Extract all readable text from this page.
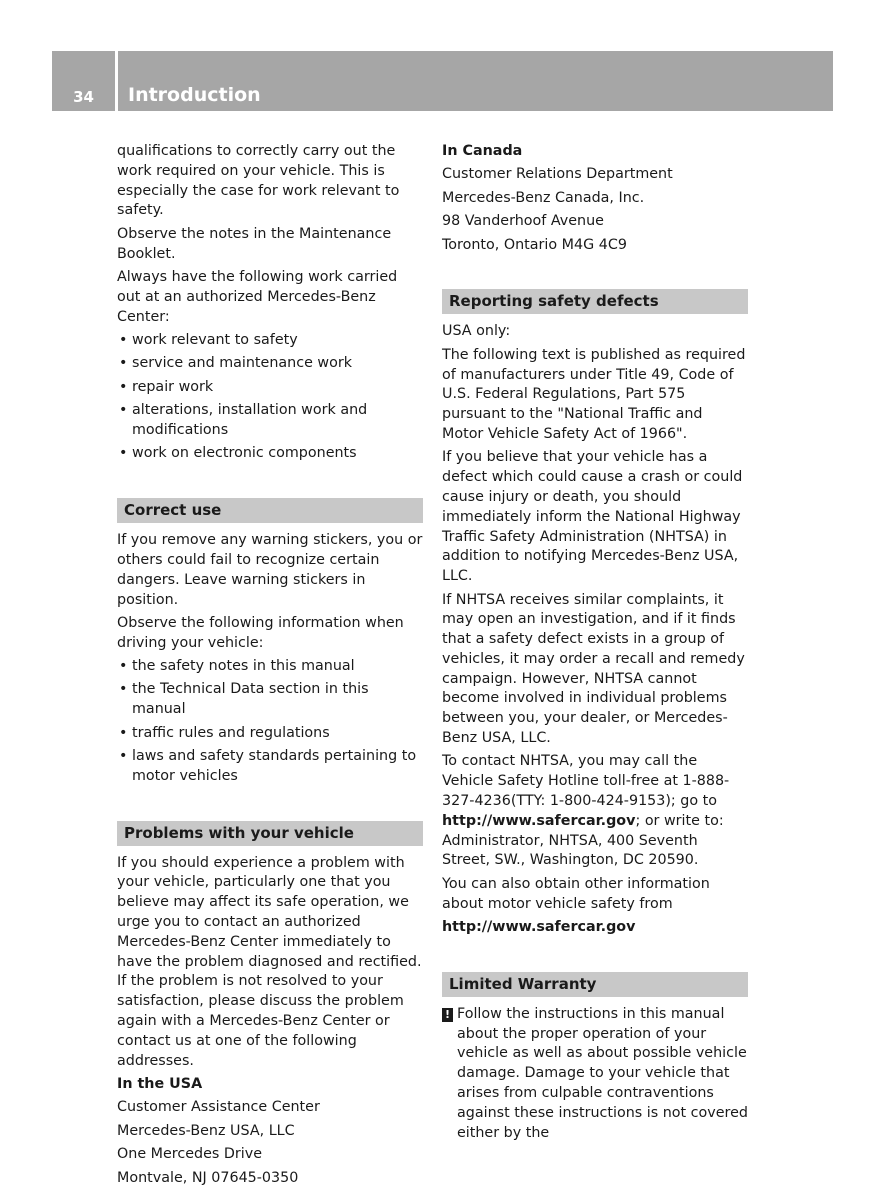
34	Introduction

qualifications to correctly carry out the work required on your vehicle. This is especially the case for work relevant to safety.

Observe the notes in the Maintenance Booklet.

Always have the following work carried out at an authorized Mercedes-Benz Center:

• work relevant to safety
• service and maintenance work
• repair work
• alterations, installation work and modifications
• work on electronic components
Correct use

If you remove any warning stickers, you or others could fail to recognize certain dangers. Leave warning stickers in position.

Observe the following information when driving your vehicle:

• the safety notes in this manual
• the Technical Data section in this manual
• traffic rules and regulations
• laws and safety standards pertaining to motor vehicles
Problems with your vehicle

If you should experience a problem with your vehicle, particularly one that you believe may affect its safe operation, we urge you to contact an authorized Mercedes-Benz Center immediately to have the problem diagnosed and rectified. If the problem is not resolved to your satisfaction, please discuss the problem again with a Mercedes-Benz Center or contact us at one of the following addresses.

In the USA

Customer Assistance Center

Mercedes-Benz USA, LLC

One Mercedes Drive

Montvale, NJ 07645-0350

In Canada

Customer Relations Department

Mercedes-Benz Canada, Inc.

98 Vanderhoof Avenue

Toronto, Ontario M4G 4C9

Reporting safety defects

USA only:

The following text is published as required of manufacturers under Title 49, Code of U.S. Federal Regulations, Part 575 pursuant to the "National Traffic and Motor Vehicle Safety Act of 1966".

If you believe that your vehicle has a defect which could cause a crash or could cause injury or death, you should immediately inform the National Highway Traffic Safety Administration (NHTSA) in addition to notifying Mercedes-Benz USA, LLC.

If NHTSA receives similar complaints, it may open an investigation, and if it finds that a safety defect exists in a group of vehicles, it may order a recall and remedy campaign. However, NHTSA cannot become involved in individual problems between you, your dealer, or Mercedes-Benz USA, LLC.

To contact NHTSA, you may call the Vehicle Safety Hotline toll-free at 1-888-327-4236(TTY: 1-800-424-9153); go to http://www.safercar.gov; or write to: Administrator, NHTSA, 400 Seventh Street, SW., Washington, DC 20590.

You can also obtain other information about motor vehicle safety from

http://www.safercar.gov

Limited Warranty
! Follow the instructions in this manual about the proper operation of your vehicle as well as about possible vehicle damage. Damage to your vehicle that arises from culpable contraventions against these instructions is not covered either by the
